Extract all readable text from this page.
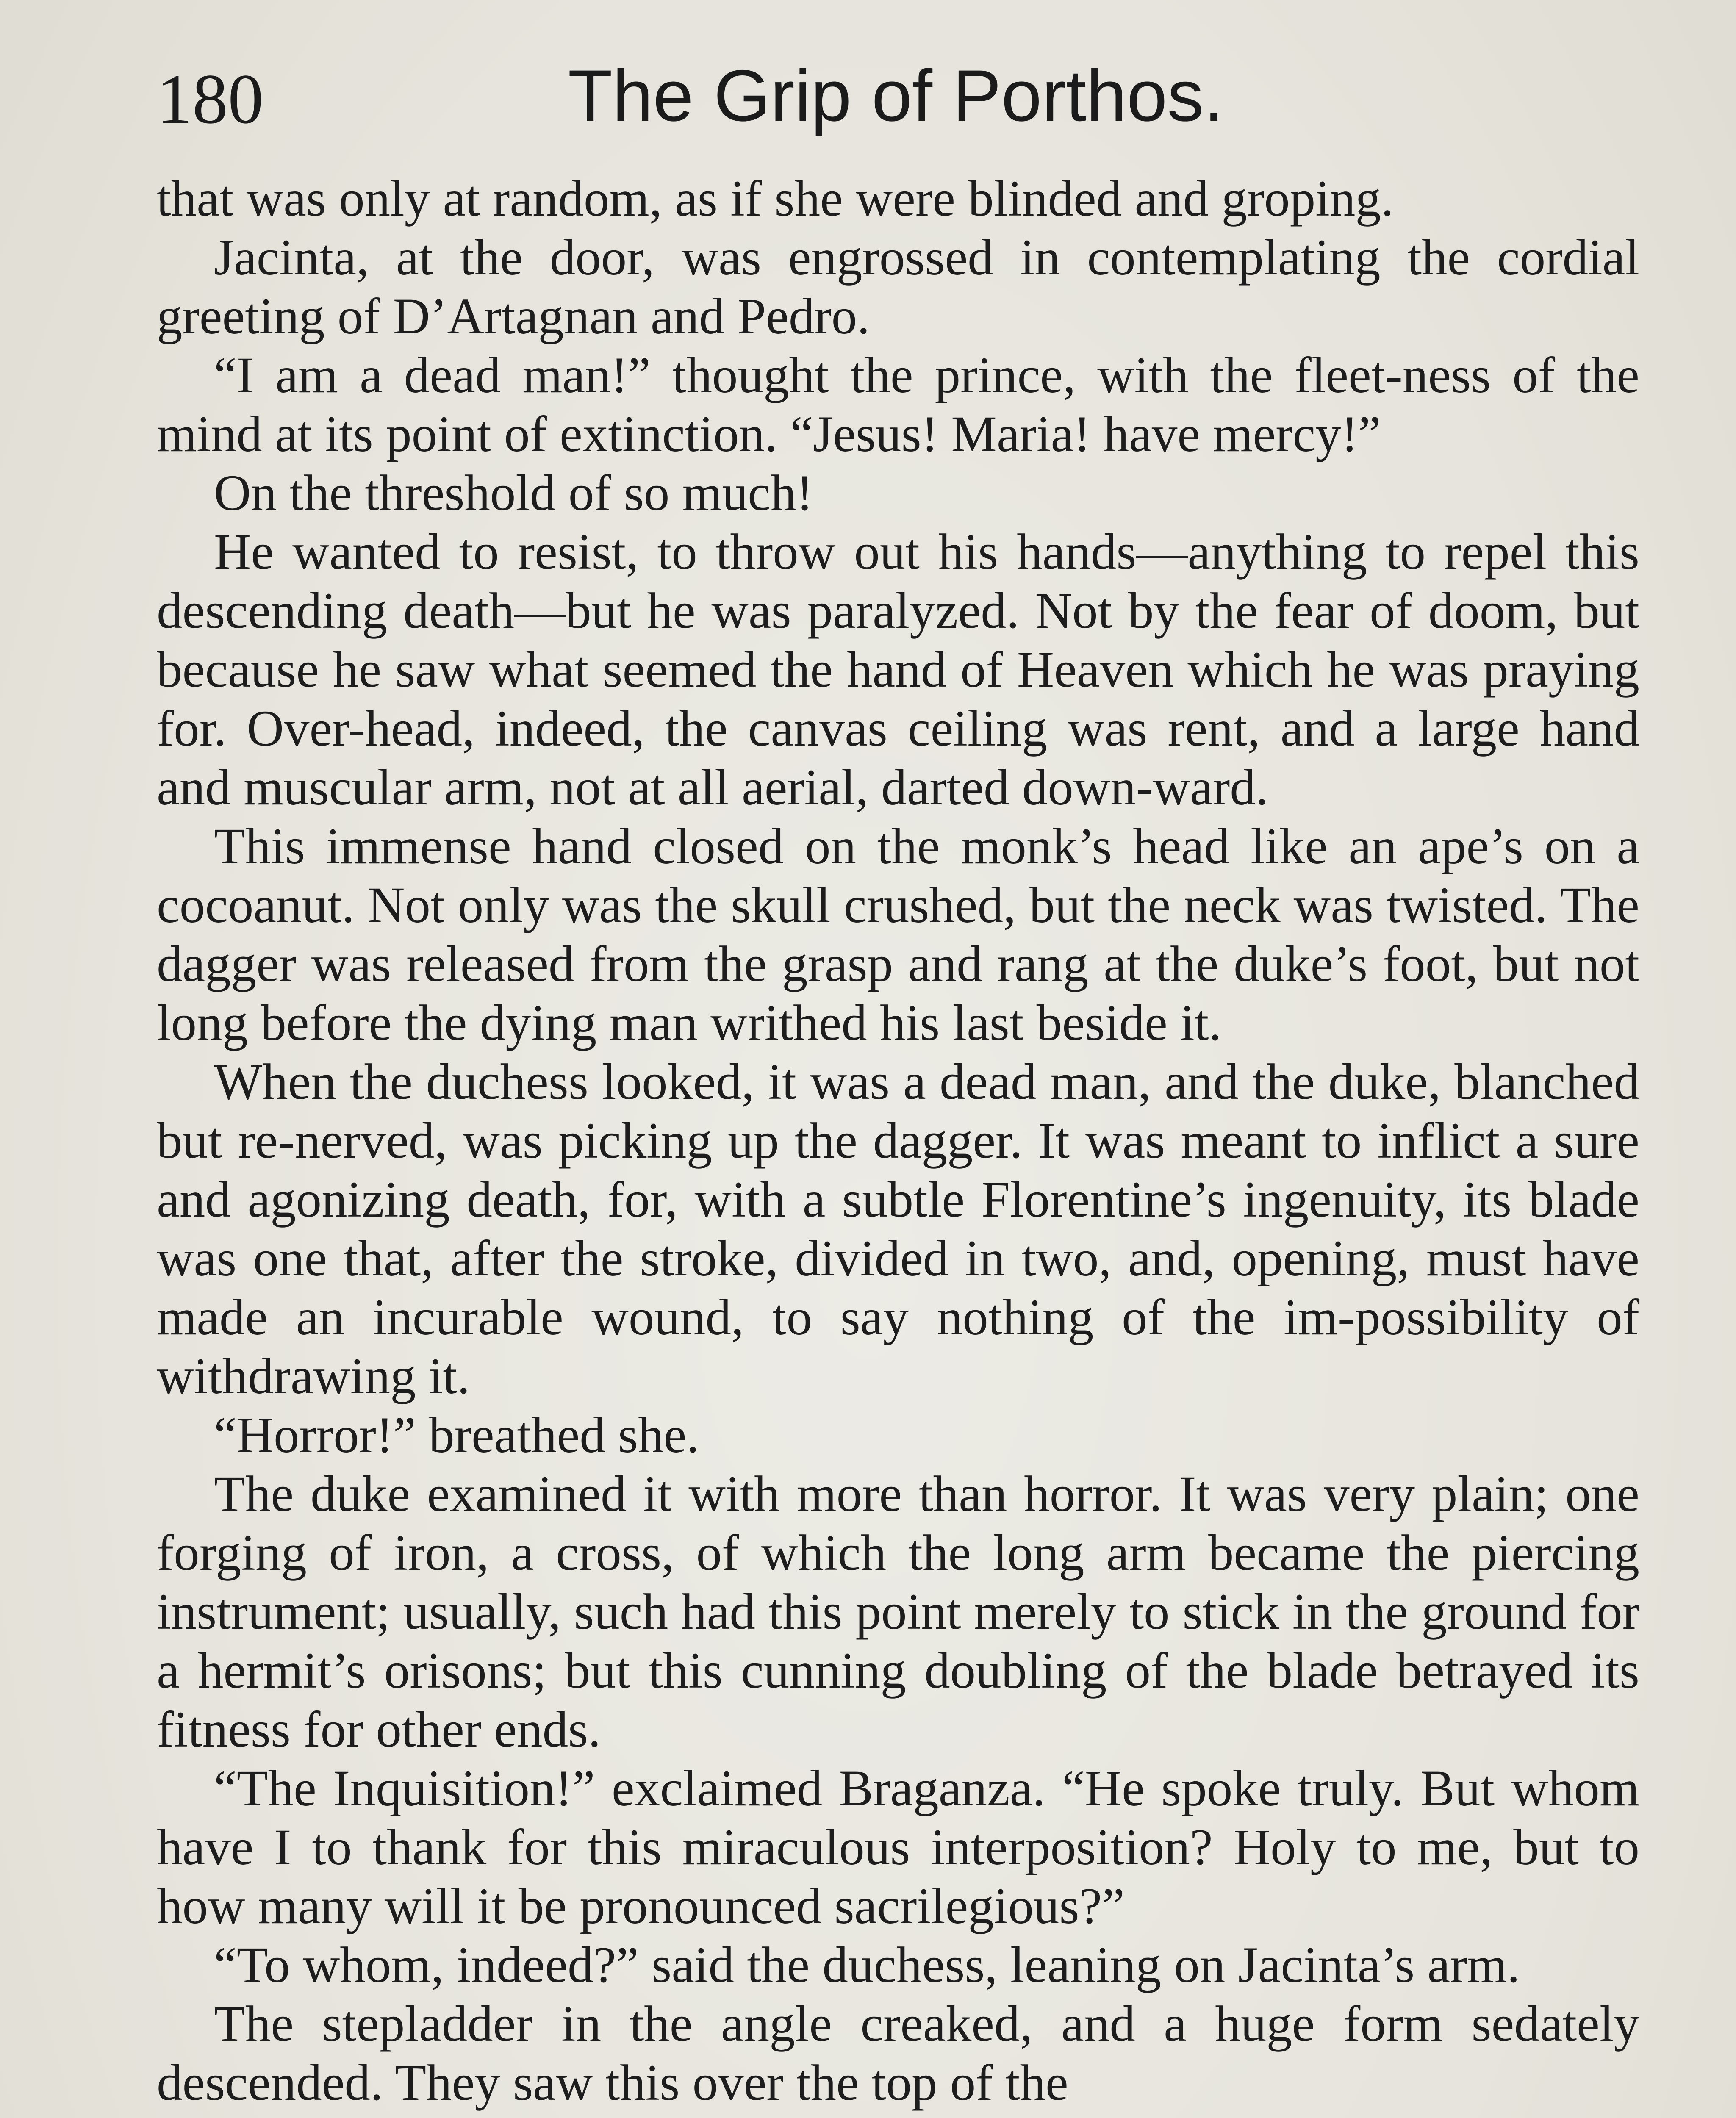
180	The Grip of Porthos.

that was only at random, as if she were blinded and groping.

Jacinta, at the door, was engrossed in contemplating the cordial greeting of D’Artagnan and Pedro.

“I am a dead man!” thought the prince, with the fleet-ness of the mind at its point of extinction. “Jesus! Maria! have mercy!”

On the threshold of so much!

He wanted to resist, to throw out his hands—anything to repel this descending death—but he was paralyzed. Not by the fear of doom, but because he saw what seemed the hand of Heaven which he was praying for. Over-head, indeed, the canvas ceiling was rent, and a large hand and muscular arm, not at all aerial, darted down-ward.

This immense hand closed on the monk’s head like an ape’s on a cocoanut. Not only was the skull crushed, but the neck was twisted. The dagger was released from the grasp and rang at the duke’s foot, but not long before the dying man writhed his last beside it.

When the duchess looked, it was a dead man, and the duke, blanched but re-nerved, was picking up the dagger. It was meant to inflict a sure and agonizing death, for, with a subtle Florentine’s ingenuity, its blade was one that, after the stroke, divided in two, and, opening, must have made an incurable wound, to say nothing of the im-possibility of withdrawing it.

“Horror!” breathed she.

The duke examined it with more than horror. It was very plain; one forging of iron, a cross, of which the long arm became the piercing instrument; usually, such had this point merely to stick in the ground for a hermit’s orisons; but this cunning doubling of the blade betrayed its fitness for other ends.

“The Inquisition!” exclaimed Braganza. “He spoke truly. But whom have I to thank for this miraculous interposition? Holy to me, but to how many will it be pronounced sacrilegious?”

“To whom, indeed?” said the duchess, leaning on Jacinta’s arm.

The stepladder in the angle creaked, and a huge form sedately descended. They saw this over the top of the
